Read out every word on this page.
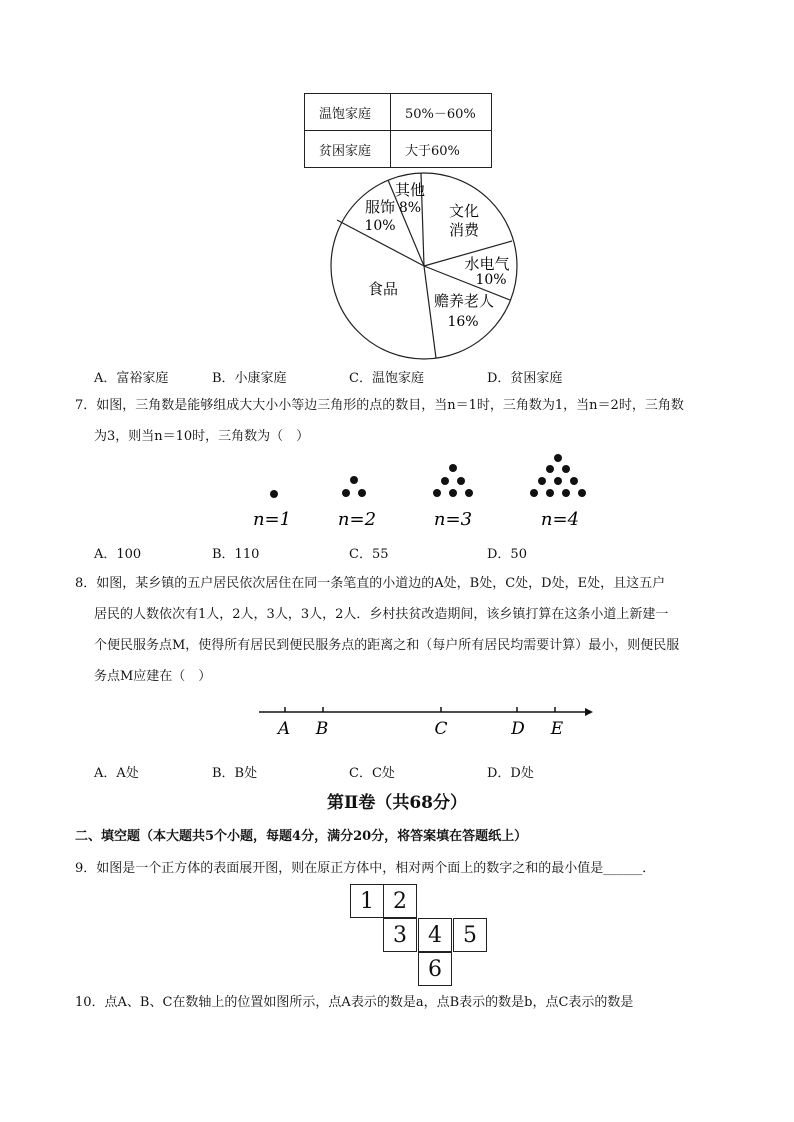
温饱家庭	50%－60%
贫困家庭	大于60%
其他
8% 文化
消费
服饰
10%
水电气
10%
食品
赡养老人
16%
A．富裕家庭	B．小康家庭	C．温饱家庭	D．贫困家庭
7．如图，三角数是能够组成大大小小等边三角形的点的数目，当n＝1时，三角数为1，当n＝2时，三角数
为3，则当n＝10时，三角数为（　）
n=1	n=2	n=3	n=4
A．100	B．110	C．55	D．50
8．如图，某乡镇的五户居民依次居住在同一条笔直的小道边的A处，B处，C处，D处，E处，且这五户
居民的人数依次有1人，2人，3人，3人，2人．乡村扶贫改造期间，该乡镇打算在这条小道上新建一
个便民服务点M，使得所有居民到便民服务点的距离之和（每户所有居民均需要计算）最小，则便民服
务点M应建在（　）
A B	C	D E
A．A处	B．B处	C．C处	D．D处
第Ⅱ卷（共68分）
二、填空题（本大题共5个小题，每题4分，满分20分，将答案填在答题纸上）
9．如图是一个正方体的表面展开图，则在原正方体中，相对两个面上的数字之和的最小值是______．
1 2
3 4 5
6
10．点A、B、C在数轴上的位置如图所示，点A表示的数是a，点B表示的数是b，点C表示的数是
